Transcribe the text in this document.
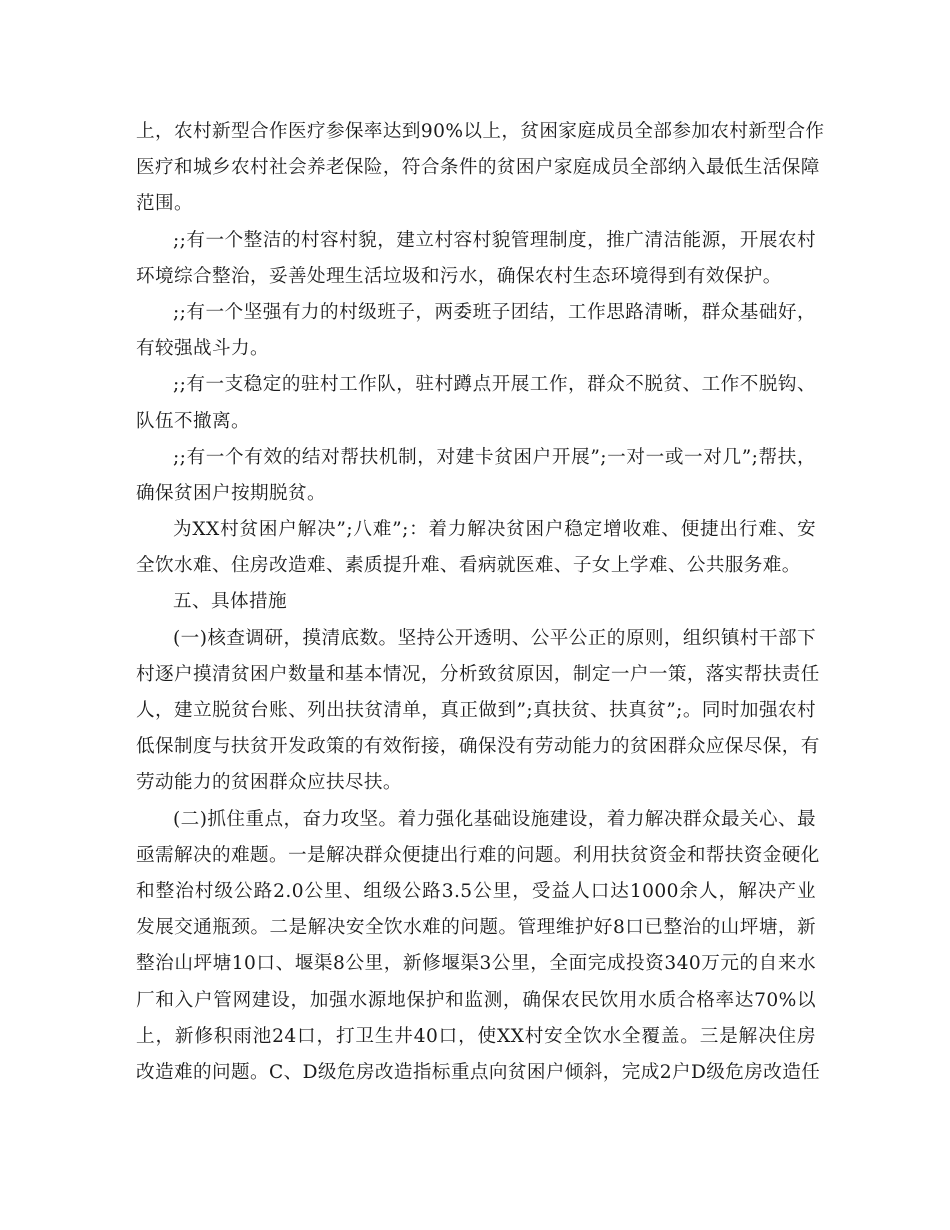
上，农村新型合作医疗参保率达到90%以上，贫困家庭成员全部参加农村新型合作
医疗和城乡农村社会养老保险，符合条件的贫困户家庭成员全部纳入最低生活保障
范围。
;;有一个整洁的村容村貌，建立村容村貌管理制度，推广清洁能源，开展农村
环境综合整治，妥善处理生活垃圾和污水，确保农村生态环境得到有效保护。
;;有一个坚强有力的村级班子，两委班子团结，工作思路清晰，群众基础好，
有较强战斗力。
;;有一支稳定的驻村工作队，驻村蹲点开展工作，群众不脱贫、工作不脱钩、
队伍不撤离。
;;有一个有效的结对帮扶机制，对建卡贫困户开展”;一对一或一对几”;帮扶，
确保贫困户按期脱贫。
为XX村贫困户解决”;八难”;：着力解决贫困户稳定增收难、便捷出行难、安
全饮水难、住房改造难、素质提升难、看病就医难、子女上学难、公共服务难。
五、具体措施
(一)核查调研，摸清底数。坚持公开透明、公平公正的原则，组织镇村干部下
村逐户摸清贫困户数量和基本情况，分析致贫原因，制定一户一策，落实帮扶责任
人，建立脱贫台账、列出扶贫清单，真正做到”;真扶贫、扶真贫”;。同时加强农村
低保制度与扶贫开发政策的有效衔接，确保没有劳动能力的贫困群众应保尽保，有
劳动能力的贫困群众应扶尽扶。
(二)抓住重点，奋力攻坚。着力强化基础设施建设，着力解决群众最关心、最
亟需解决的难题。一是解决群众便捷出行难的问题。利用扶贫资金和帮扶资金硬化
和整治村级公路2.0公里、组级公路3.5公里，受益人口达1000余人，解决产业
发展交通瓶颈。二是解决安全饮水难的问题。管理维护好8口已整治的山坪塘，新
整治山坪塘10口、堰渠8公里，新修堰渠3公里，全面完成投资340万元的自来水
厂和入户管网建设，加强水源地保护和监测，确保农民饮用水质合格率达70%以
上，新修积雨池24口，打卫生井40口，使XX村安全饮水全覆盖。三是解决住房
改造难的问题。C、D级危房改造指标重点向贫困户倾斜，完成2户D级危房改造任
